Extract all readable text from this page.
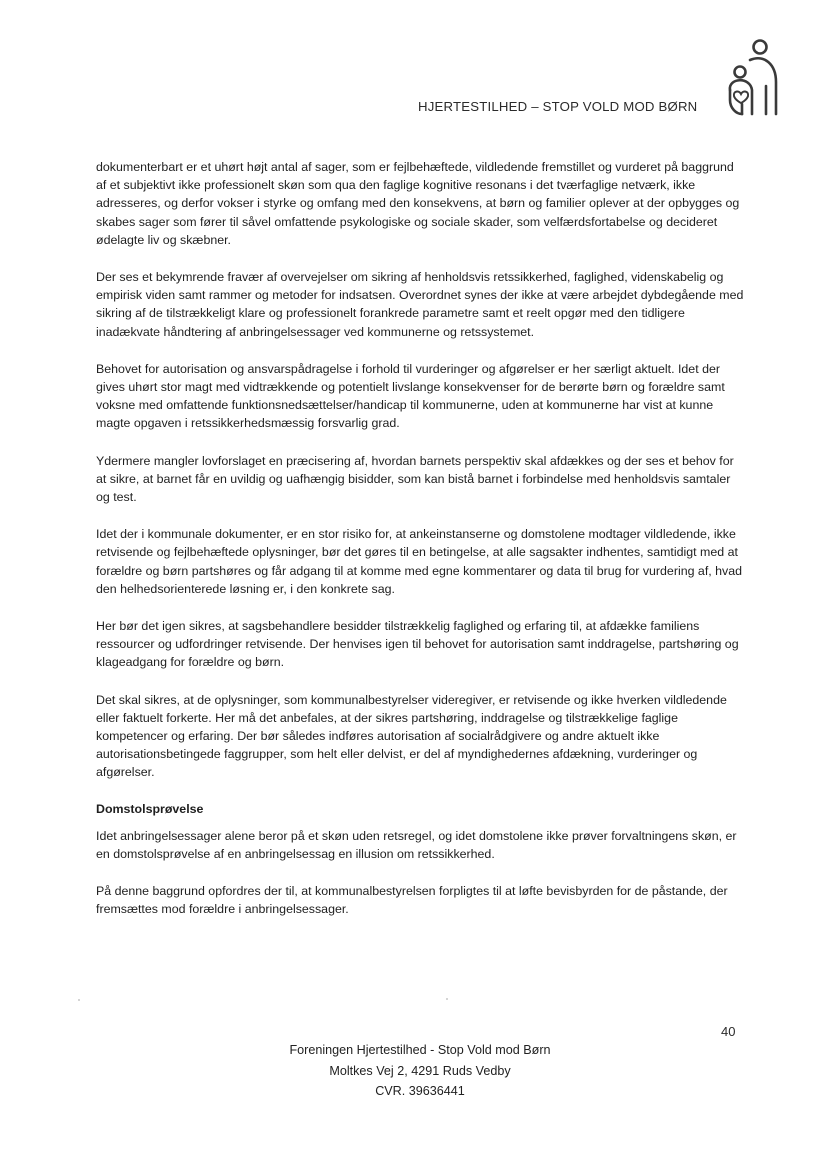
HJERTESTILHED – STOP VOLD MOD BØRN

dokumenterbart er et uhørt højt antal af sager, som er fejlbehæftede, vildledende fremstillet og vurderet på baggrund af et subjektivt ikke professionelt skøn som qua den faglige kognitive resonans i det tværfaglige netværk, ikke adresseres, og derfor vokser i styrke og omfang med den konsekvens, at børn og familier oplever at der opbygges og skabes sager som fører til såvel omfattende psykologiske og sociale skader, som velfærdsfortabelse og decideret ødelagte liv og skæbner.

Der ses et bekymrende fravær af overvejelser om sikring af henholdsvis retssikkerhed, faglighed, videnskabelig og empirisk viden samt rammer og metoder for indsatsen. Overordnet synes der ikke at være arbejdet dybdegående med sikring af de tilstrækkeligt klare og professionelt forankrede parametre samt et reelt opgør med den tidligere inadækvate håndtering af anbringelsessager ved kommunerne og retssystemet.

Behovet for autorisation og ansvarspådragelse i forhold til vurderinger og afgørelser er her særligt aktuelt. Idet der gives uhørt stor magt med vidtrækkende og potentielt livslange konsekvenser for de berørte børn og forældre samt voksne med omfattende funktionsnedsættelser/handicap til kommunerne, uden at kommunerne har vist at kunne magte opgaven i retssikkerhedsmæssig forsvarlig grad.

Ydermere mangler lovforslaget en præcisering af, hvordan barnets perspektiv skal afdækkes og der ses et behov for at sikre, at barnet får en uvildig og uafhængig bisidder, som kan bistå barnet i forbindelse med henholdsvis samtaler og test.

Idet der i kommunale dokumenter, er en stor risiko for, at ankeinstanserne og domstolene modtager vildledende, ikke retvisende og fejlbehæftede oplysninger, bør det gøres til en betingelse, at alle sagsakter indhentes, samtidigt med at forældre og børn partshøres og får adgang til at komme med egne kommentarer og data til brug for vurdering af, hvad den helhedsorienterede løsning er, i den konkrete sag.

Her bør det igen sikres, at sagsbehandlere besidder tilstrækkelig faglighed og erfaring til, at afdække familiens ressourcer og udfordringer retvisende. Der henvises igen til behovet for autorisation samt inddragelse, partshøring og klageadgang for forældre og børn.

Det skal sikres, at de oplysninger, som kommunalbestyrelser videregiver, er retvisende og ikke hverken vildledende eller faktuelt forkerte. Her må det anbefales, at der sikres partshøring, inddragelse og tilstrækkelige faglige kompetencer og erfaring. Der bør således indføres autorisation af socialrådgivere og andre aktuelt ikke autorisationsbetingede faggrupper, som helt eller delvist, er del af myndighedernes afdækning, vurderinger og afgørelser.

Domstolsprøvelse

Idet anbringelsessager alene beror på et skøn uden retsregel, og idet domstolene ikke prøver forvaltningens skøn, er en domstolsprøvelse af en anbringelsessag en illusion om retssikkerhed.

På denne baggrund opfordres der til, at kommunalbestyrelsen forpligtes til at løfte bevisbyrden for de påstande, der fremsættes mod forældre i anbringelsessager.

40
Foreningen Hjertestilhed - Stop Vold mod Børn
Moltkes Vej 2, 4291 Ruds Vedby
CVR. 39636441
